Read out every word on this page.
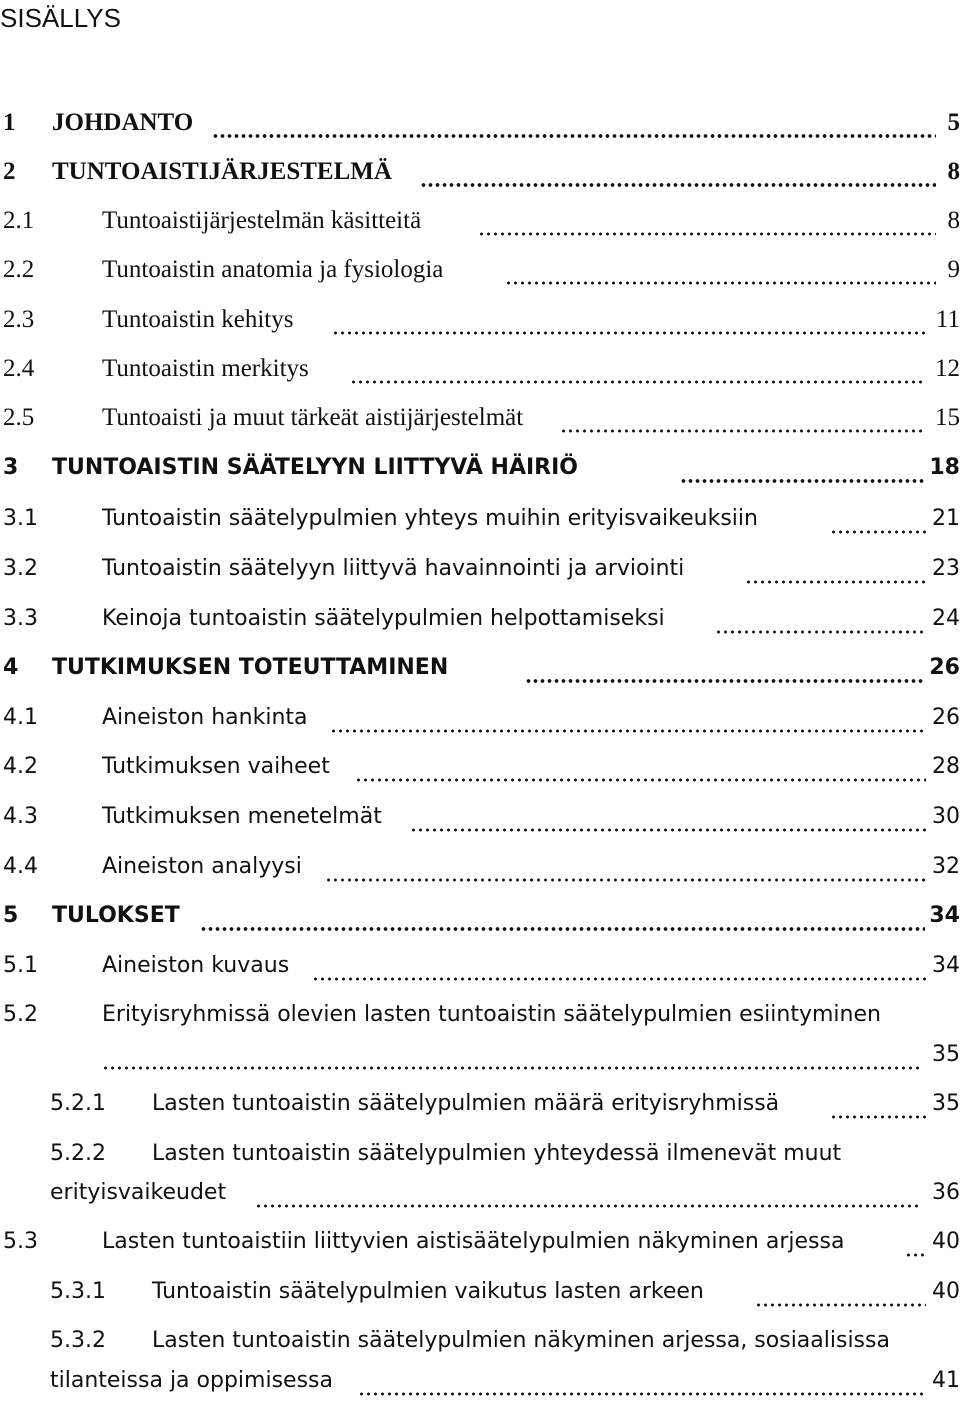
SISÄLLYS
1 JOHDANTO	5
2 TUNTOAISTIJÄRJESTELMÄ	8
2.1	Tuntoaistijärjestelmän käsitteitä	8
2.2	Tuntoaistin anatomia ja fysiologia	9
2.3	Tuntoaistin kehitys	11
2.4	Tuntoaistin merkitys	12
2.5	Tuntoaisti ja muut tärkeät aistijärjestelmät	15
3 TUNTOAISTIN SÄÄTELYYN LIITTYVÄ HÄIRIÖ	18
3.1	Tuntoaistin säätelypulmien yhteys muihin erityisvaikeuksiin	21
3.2	Tuntoaistin säätelyyn liittyvä havainnointi ja arviointi	23
3.3	Keinoja tuntoaistin säätelypulmien helpottamiseksi	24
4 TUTKIMUKSEN TOTEUTTAMINEN	26
4.1	Aineiston hankinta	26
4.2	Tutkimuksen vaiheet	28
4.3	Tutkimuksen menetelmät	30
4.4	Aineiston analyysi	32
5 TULOKSET	34
5.1	Aineiston kuvaus	34
5.2	Erityisryhmissä olevien lasten tuntoaistin säätelypulmien esiintyminen
35
5.2.1 Lasten tuntoaistin säätelypulmien määrä erityisryhmissä	35
5.2.2 Lasten tuntoaistin säätelypulmien yhteydessä ilmenevät muut
erityisvaikeudet	36
5.3	Lasten tuntoaistiin liittyvien aistisäätelypulmien näkyminen arjessa	40
5.3.1 Tuntoaistin säätelypulmien vaikutus lasten arkeen	40
5.3.2 Lasten tuntoaistin säätelypulmien näkyminen arjessa, sosiaalisissa
tilanteissa ja oppimisessa	41
